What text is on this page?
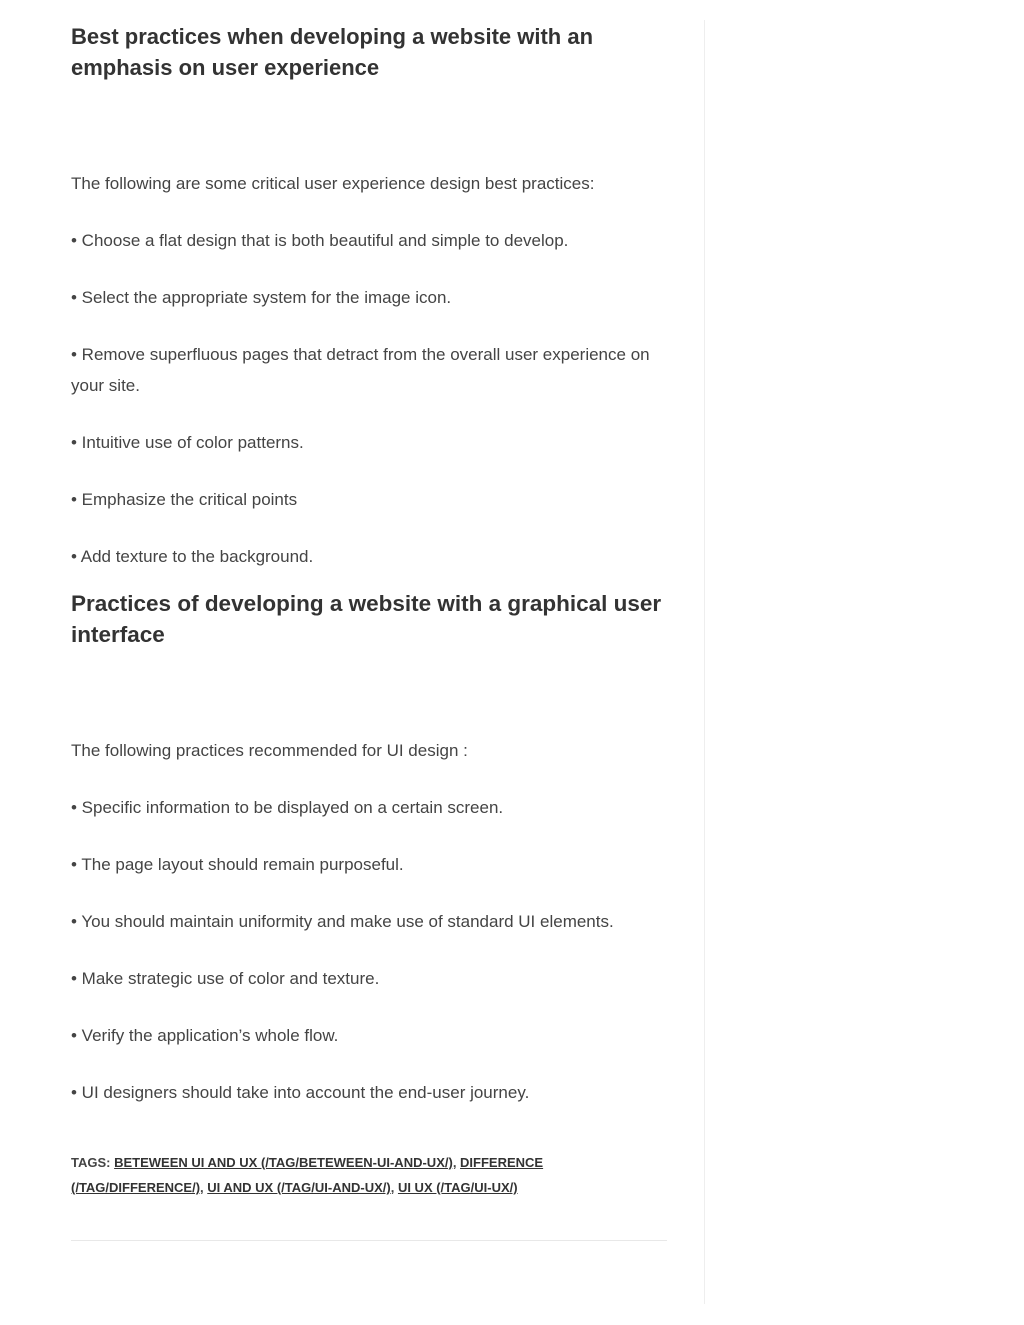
Best practices when developing a website with an emphasis on user experience

The following are some critical user experience design best practices:

• Choose a flat design that is both beautiful and simple to develop.

• Select the appropriate system for the image icon.

• Remove superfluous pages that detract from the overall user experience on your site.

• Intuitive use of color patterns.

• Emphasize the critical points

• Add texture to the background.

Practices of developing a website with a graphical user interface

The following practices recommended for UI design :

• Specific information to be displayed on a certain screen.

• The page layout should remain purposeful.

• You should maintain uniformity and make use of standard UI elements.

• Make strategic use of color and texture.

• Verify the application’s whole flow.

• UI designers should take into account the end-user journey.

TAGS: BETEWEEN UI AND UX (/TAG/BETEWEEN-UI-AND-UX/), DIFFERENCE (/TAG/DIFFERENCE/), UI AND UX (/TAG/UI-AND-UX/), UI UX (/TAG/UI-UX/)
